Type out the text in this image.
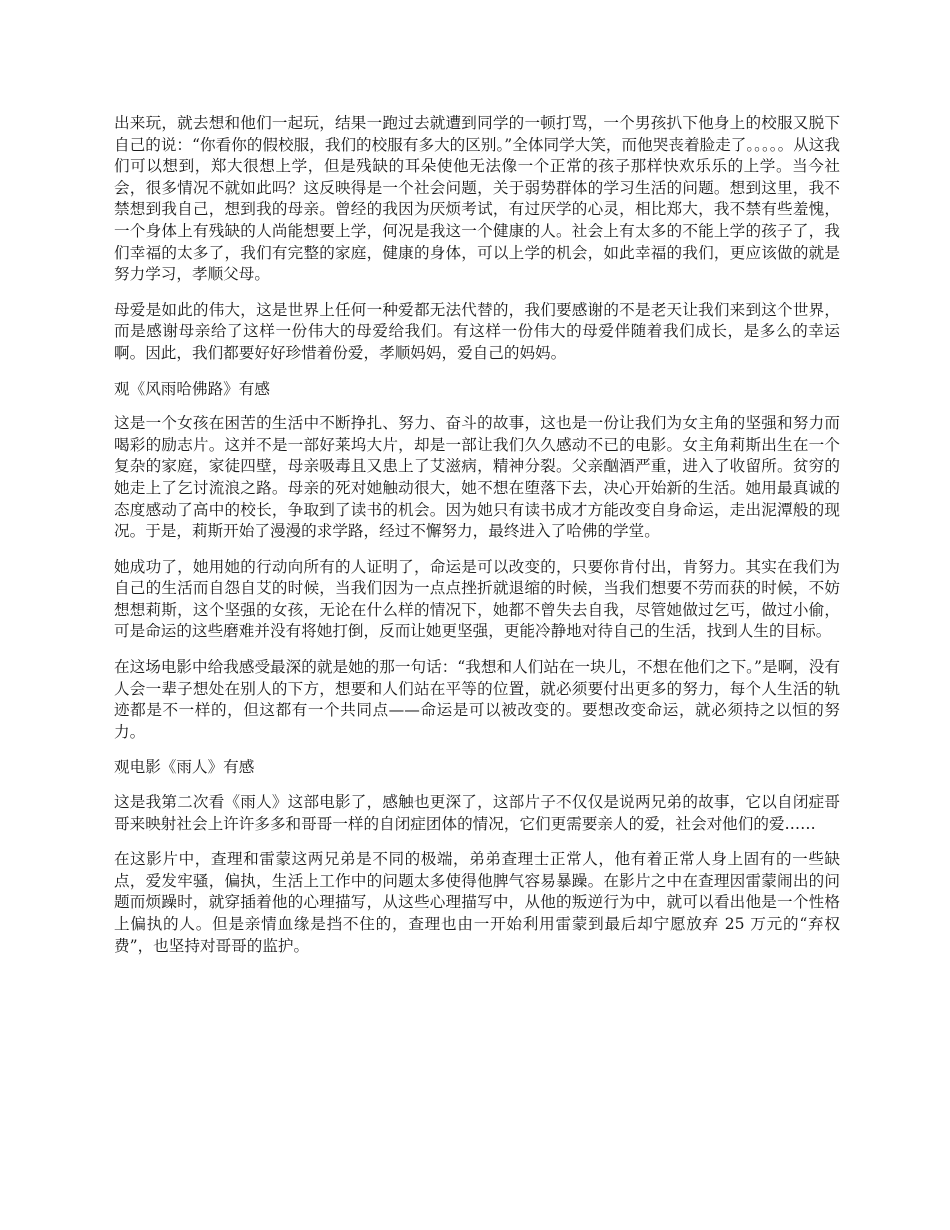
出来玩，就去想和他们一起玩，结果一跑过去就遭到同学的一顿打骂，一个男孩扒下他身上的校服又脱下自己的说：“你看你的假校服，我们的校服有多大的区别。”全体同学大笑，而他哭丧着脸走了。。。。。从这我们可以想到，郑大很想上学，但是残缺的耳朵使他无法像一个正常的孩子那样快欢乐乐的上学。当今社会，很多情况不就如此吗？这反映得是一个社会问题，关于弱势群体的学习生活的问题。想到这里，我不禁想到我自己，想到我的母亲。曾经的我因为厌烦考试，有过厌学的心灵，相比郑大，我不禁有些羞愧，一个身体上有残缺的人尚能想要上学，何况是我这一个健康的人。社会上有太多的不能上学的孩子了，我们幸福的太多了，我们有完整的家庭，健康的身体，可以上学的机会，如此幸福的我们，更应该做的就是努力学习，孝顺父母。

母爱是如此的伟大，这是世界上任何一种爱都无法代替的，我们要感谢的不是老天让我们来到这个世界，而是感谢母亲给了这样一份伟大的母爱给我们。有这样一份伟大的母爱伴随着我们成长，是多么的幸运啊。因此，我们都要好好珍惜着份爱，孝顺妈妈，爱自己的妈妈。

观《风雨哈佛路》有感

这是一个女孩在困苦的生活中不断挣扎、努力、奋斗的故事，这也是一份让我们为女主角的坚强和努力而喝彩的励志片。这并不是一部好莱坞大片，却是一部让我们久久感动不已的电影。女主角莉斯出生在一个复杂的家庭，家徒四壁，母亲吸毒且又患上了艾滋病，精神分裂。父亲酗酒严重，进入了收留所。贫穷的她走上了乞讨流浪之路。母亲的死对她触动很大，她不想在堕落下去，决心开始新的生活。她用最真诚的态度感动了高中的校长，争取到了读书的机会。因为她只有读书成才方能改变自身命运，走出泥潭般的现况。于是，莉斯开始了漫漫的求学路，经过不懈努力，最终进入了哈佛的学堂。

她成功了，她用她的行动向所有的人证明了，命运是可以改变的，只要你肯付出，肯努力。其实在我们为自己的生活而自怨自艾的时候，当我们因为一点点挫折就退缩的时候，当我们想要不劳而获的时候，不妨想想莉斯，这个坚强的女孩，无论在什么样的情况下，她都不曾失去自我，尽管她做过乞丐，做过小偷，可是命运的这些磨难并没有将她打倒，反而让她更坚强，更能冷静地对待自己的生活，找到人生的目标。

在这场电影中给我感受最深的就是她的那一句话：“我想和人们站在一块儿，不想在他们之下。”是啊，没有人会一辈子想处在别人的下方，想要和人们站在平等的位置，就必须要付出更多的努力，每个人生活的轨迹都是不一样的，但这都有一个共同点——命运是可以被改变的。要想改变命运，就必须持之以恒的努力。

观电影《雨人》有感

这是我第二次看《雨人》这部电影了，感触也更深了，这部片子不仅仅是说两兄弟的故事，它以自闭症哥哥来映射社会上许许多多和哥哥一样的自闭症团体的情况，它们更需要亲人的爱，社会对他们的爱……

在这影片中，查理和雷蒙这两兄弟是不同的极端，弟弟查理士正常人，他有着正常人身上固有的一些缺点，爱发牢骚，偏执，生活上工作中的问题太多使得他脾气容易暴躁。在影片之中在查理因雷蒙闹出的问题而烦躁时，就穿插着他的心理描写，从这些心理描写中，从他的叛逆行为中，就可以看出他是一个性格上偏执的人。但是亲情血缘是挡不住的，查理也由一开始利用雷蒙到最后却宁愿放弃 25 万元的“弃权费”，也坚持对哥哥的监护。
